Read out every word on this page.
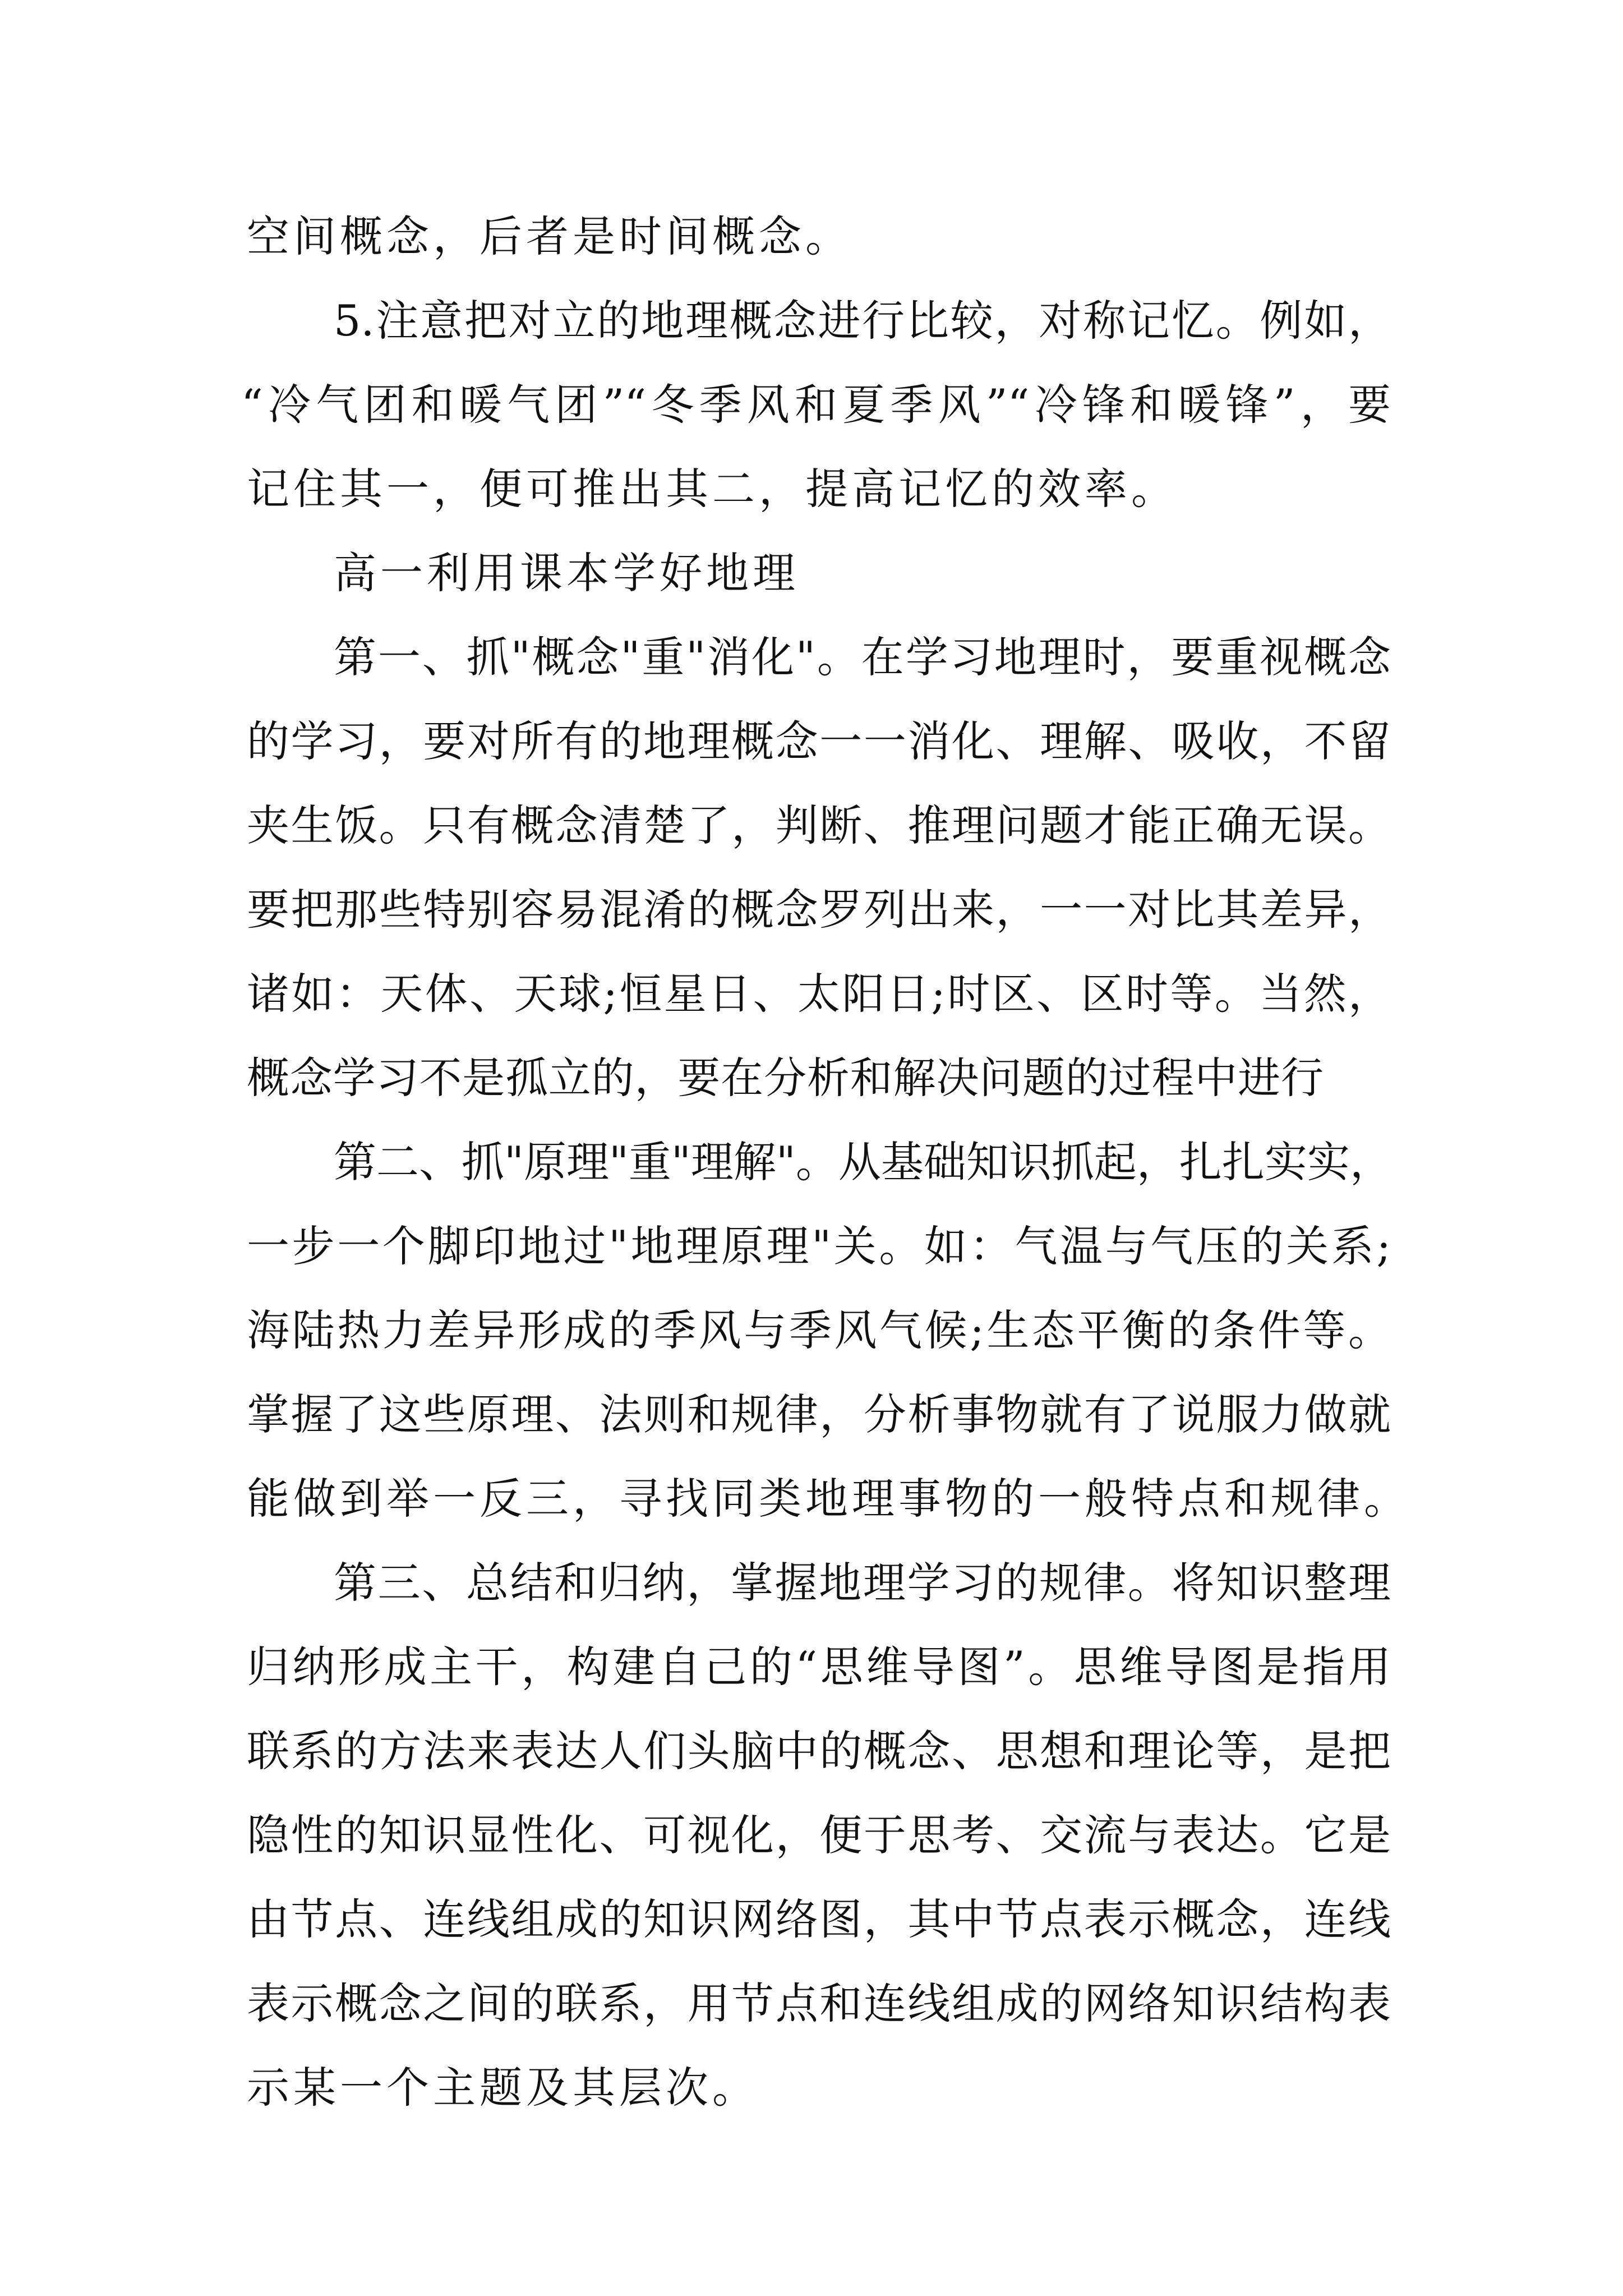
空间概念，后者是时间概念。
5.注意把对立的地理概念进行比较，对称记忆。例如，
“冷气团和暖气团”“冬季风和夏季风”“冷锋和暖锋”，要
记住其一，便可推出其二，提高记忆的效率。
高一利用课本学好地理
第一、抓"概念"重"消化"。在学习地理时，要重视概念
的学习，要对所有的地理概念一一消化、理解、吸收，不留
夹生饭。只有概念清楚了，判断、推理问题才能正确无误。
要把那些特别容易混淆的概念罗列出来，一一对比其差异，
诸如：天体、天球;恒星日、太阳日;时区、区时等。当然，
概念学习不是孤立的，要在分析和解决问题的过程中进行
第二、抓"原理"重"理解"。从基础知识抓起，扎扎实实，
一步一个脚印地过"地理原理"关。如：气温与气压的关系;
海陆热力差异形成的季风与季风气候;生态平衡的条件等。
掌握了这些原理、法则和规律，分析事物就有了说服力做就
能做到举一反三，寻找同类地理事物的一般特点和规律。
第三、总结和归纳，掌握地理学习的规律。将知识整理
归纳形成主干，构建自己的“思维导图”。思维导图是指用
联系的方法来表达人们头脑中的概念、思想和理论等，是把
隐性的知识显性化、可视化，便于思考、交流与表达。它是
由节点、连线组成的知识网络图，其中节点表示概念，连线
表示概念之间的联系，用节点和连线组成的网络知识结构表
示某一个主题及其层次。
